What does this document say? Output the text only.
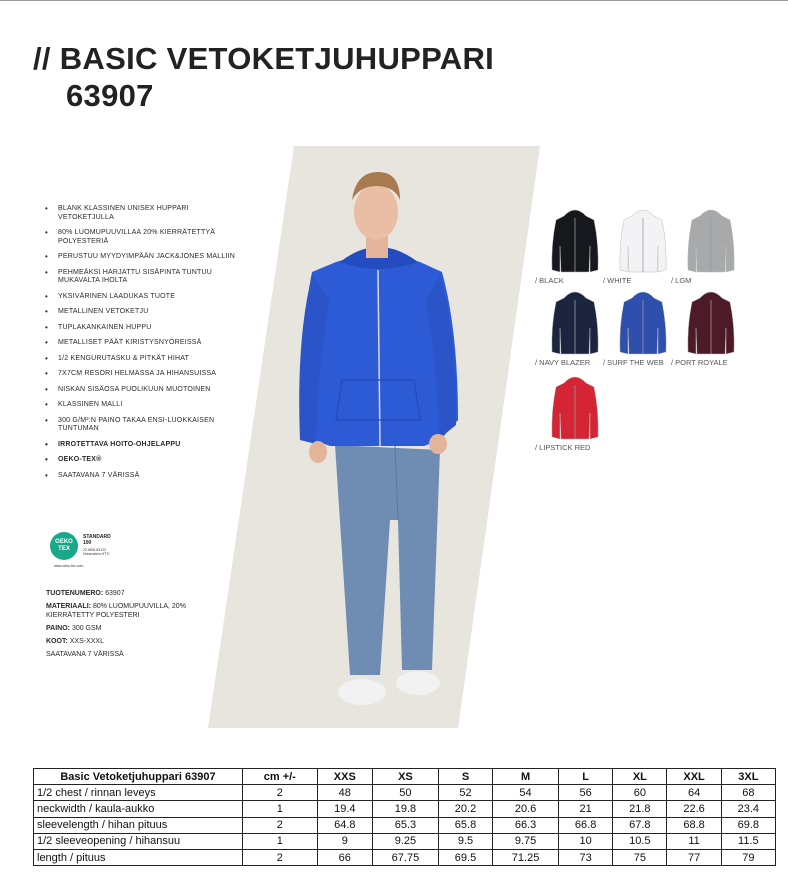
// BASIC VETOKETJUHUPPARI
63907
• BLANK KLASSINEN UNISEX HUPPARI VETOKETJULLA
• 80% LUOMUPUUVILLAA 20% KIERRÄTETTYÄ POLYESTERIÄ
• PERUSTUU MYYDYIMPÄÄN JACK&JONES MALLIIN
• PEHMEÄKSI HARJATTU SISÄPINTA TUNTUU MUKAVALTA IHOLTA
• YKSIVÄRINEN LAADUKAS TUOTE
• METALLINEN VETOKETJU
• TUPLAKANKAINEN HUPPU
• METALLISET PÄÄT KIRISTYSNYÖREISSÄ
• 1/2 KENGURUTASKU & PITKÄT HIHAT
• 7X7CM RESORI HELMASSA JA HIHANSUISSA
• NISKAN SISÄOSA PUOLIKUUN MUOTOINEN
• KLASSINEN MALLI
• 300 G/M²:N PAINO TAKAA ENSI-LUOKKAISEN TUNTUMAN
• IRROTETTAVA HOITO-OHJELAPPU
• OEKO-TEX®
• SAATAVANA 7 VÄRISSÄ
OEKO TEX
STANDARD 100
22.HBD.63123 Hohenstein HTTI
www.oeko-tex.com

TUOTENUMERO: 63907

MATERIAALI: 80% LUOMUPUUVILLA, 20% KIERRÄTETTY POLYESTERI

PAINO: 300 GSM

KOOT: XXS-XXXL

SAATAVANA 7 VÄRISSÄ

/ BLACK	/ WHITE	/ LGM
/ NAVY BLAZER	/ SURF THE WEB / PORT ROYALE
/ LIPSTICK RED
Basic Vetoketjuhuppari 63907	cm +/-	XXS	XS	S	M	L	XL	XXL	3XL
1/2 chest / rinnan leveys	2	48	50	52	54	56	60	64	68
neckwidth / kaula-aukko	1	19.4	19.8	20.2	20.6	21	21.8	22.6	23.4
sleevelength / hihan pituus	2	64.8	65.3	65.8	66.3	66.8	67.8	68.8	69.8
1/2 sleeveopening / hihansuu	1	9	9.25	9.5	9.75	10	10.5	11	11.5
length / pituus	2	66	67.75	69.5	71.25	73	75	77	79
